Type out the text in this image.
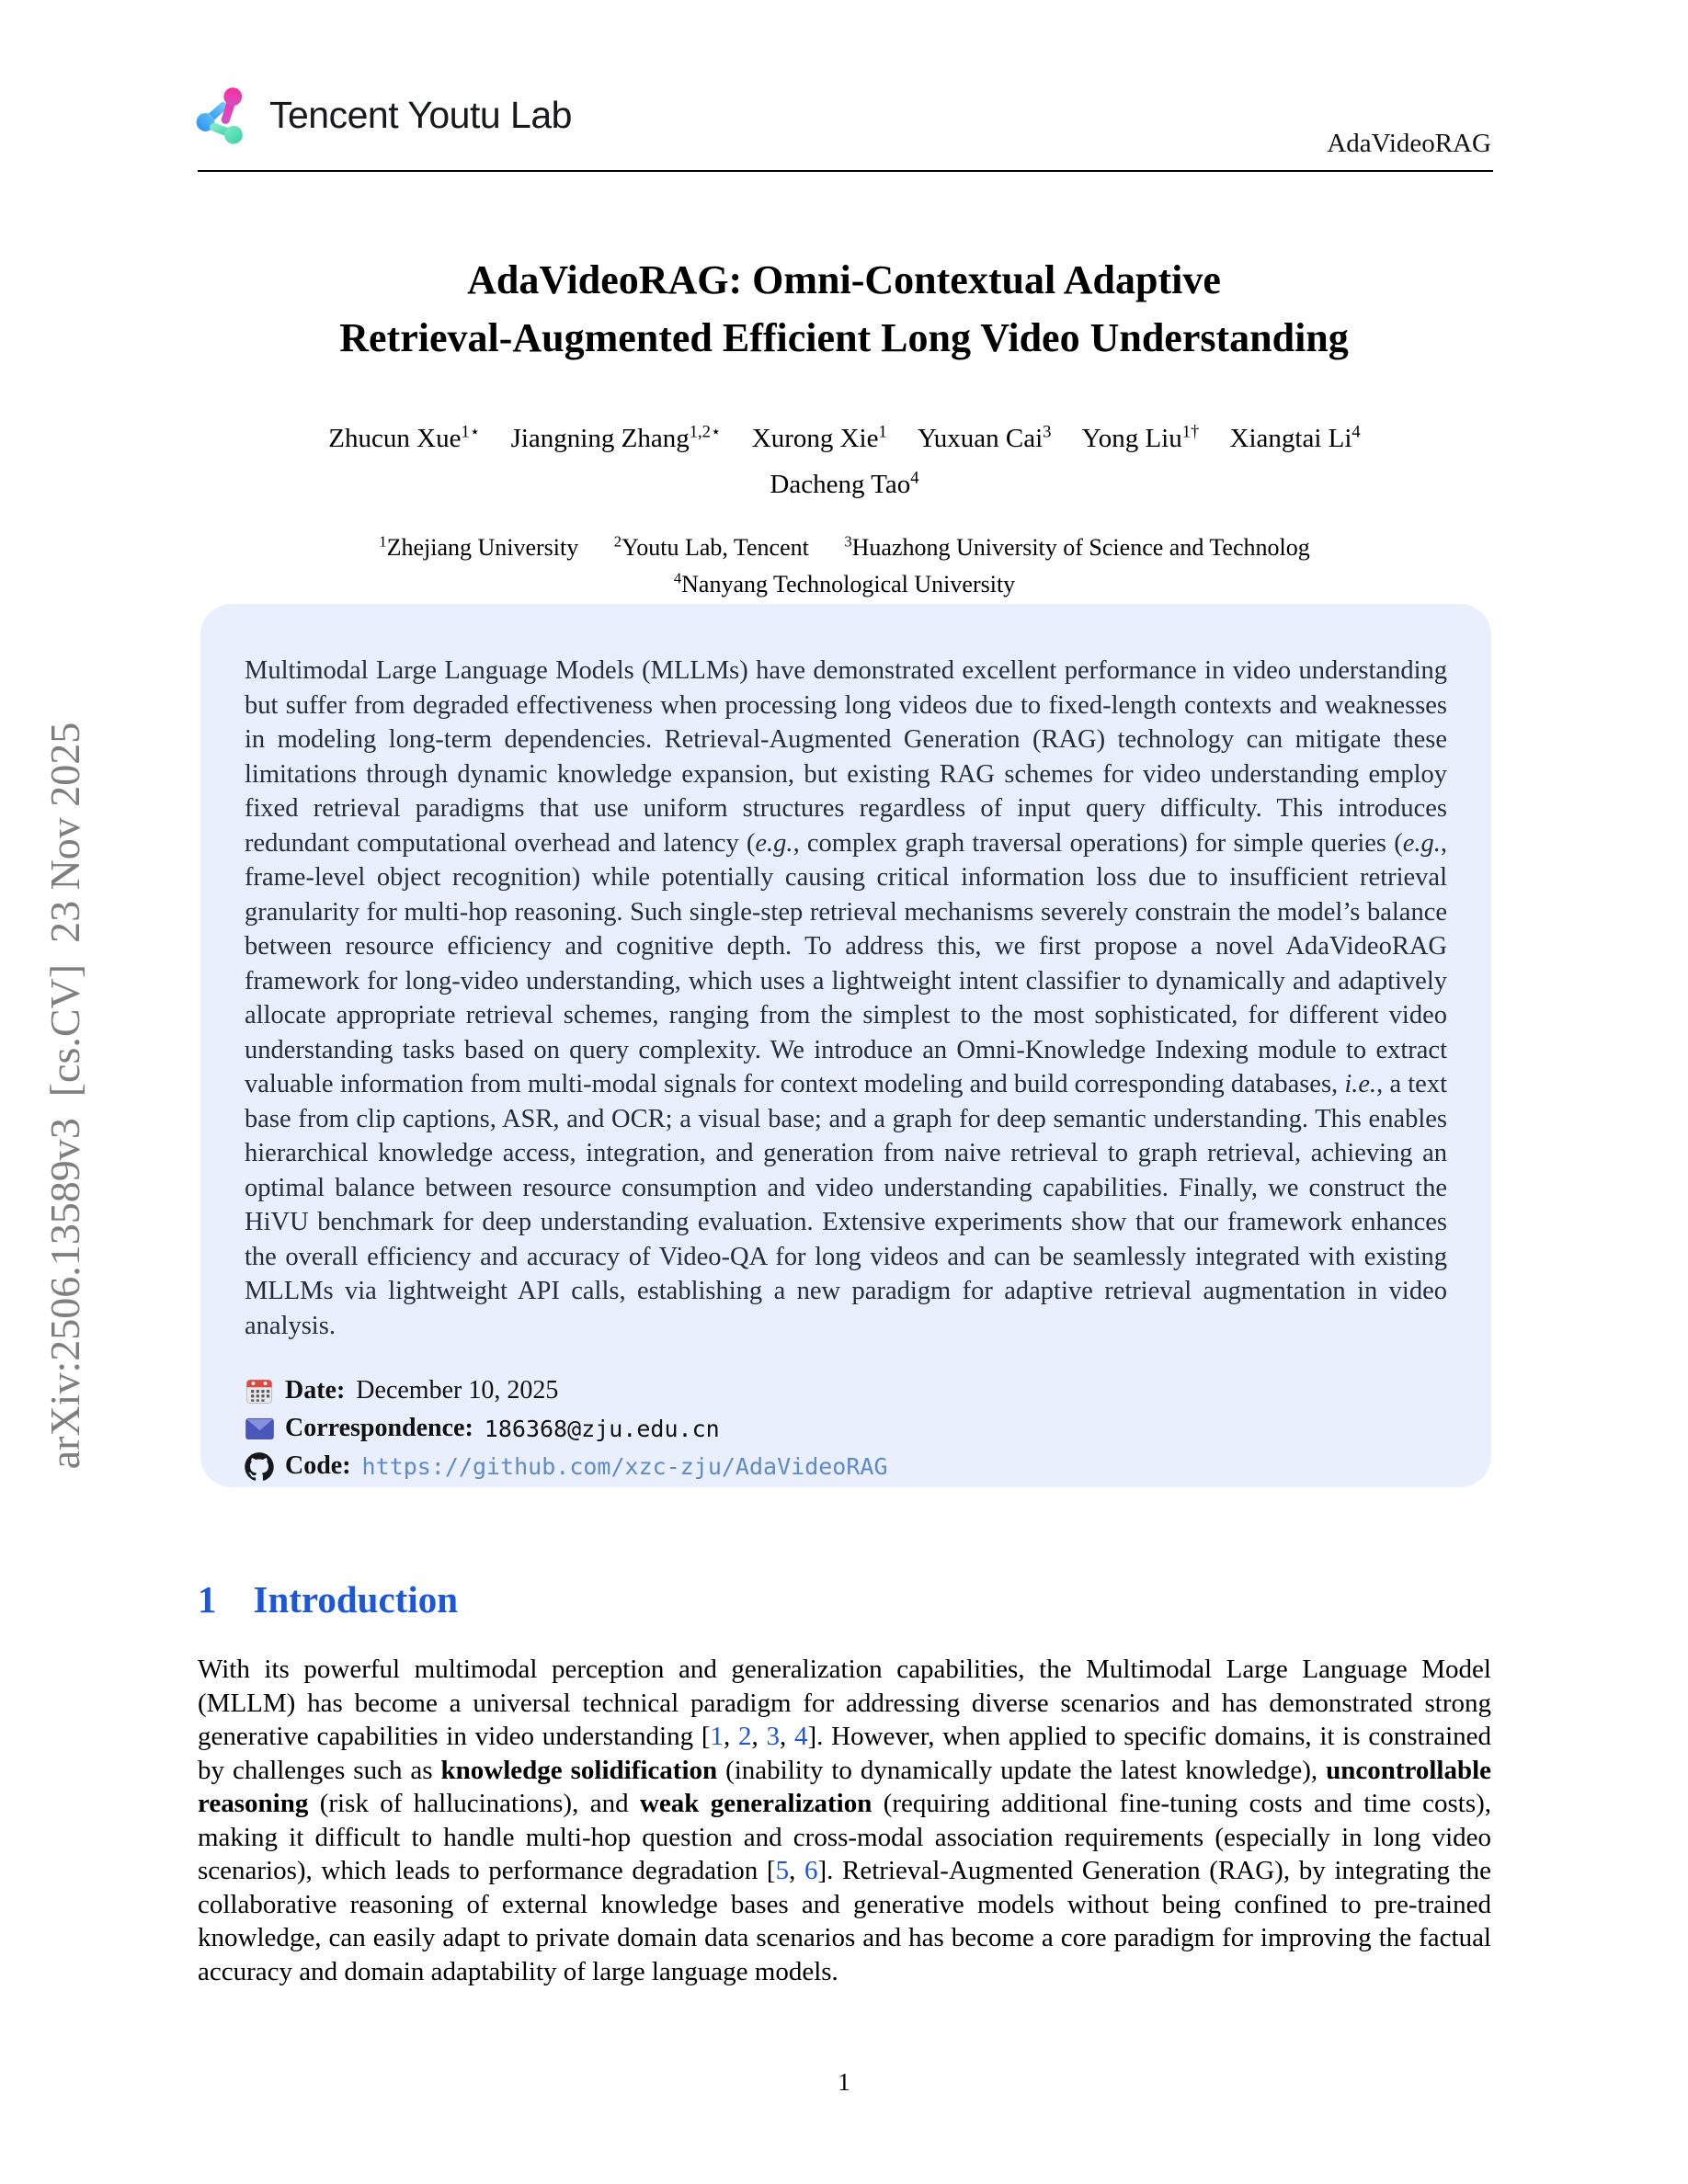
arXiv:2506.13589v3  [cs.CV]  23 Nov 2025
Tencent Youtu Lab
AdaVideoRAG
AdaVideoRAG: Omni-Contextual Adaptive
Retrieval-Augmented Efficient Long Video Understanding
Zhucun Xue$^{1⋆}$ Jiangning Zhang$^{1,2⋆}$ Xurong Xie$^1$ Yuxuan Cai$^3$ Yong Liu$^{1\dagger}$ Xiangtai Li$^4$
Dacheng Tao$^4$
$^1$Zhejiang University $^2$Youtu Lab, Tencent $^3$Huazhong University of Science and Technolog
$^4$Nanyang Technological University

Multimodal Large Language Models (MLLMs) have demonstrated excellent performance in video understanding but suffer from degraded effectiveness when processing long videos due to fixed-length contexts and weaknesses in modeling long-term dependencies. Retrieval-Augmented Generation (RAG) technology can mitigate these limitations through dynamic knowledge expansion, but existing RAG schemes for video understanding employ fixed retrieval paradigms that use uniform structures regardless of input query difficulty. This introduces redundant computational overhead and latency (e.g., complex graph traversal operations) for simple queries (e.g., frame-level object recognition) while potentially causing critical information loss due to insufficient retrieval granularity for multi-hop reasoning. Such single-step retrieval mechanisms severely constrain the model’s balance between resource efficiency and cognitive depth. To address this, we first propose a novel AdaVideoRAG framework for long-video understanding, which uses a lightweight intent classifier to dynamically and adaptively allocate appropriate retrieval schemes, ranging from the simplest to the most sophisticated, for different video understanding tasks based on query complexity. We introduce an Omni-Knowledge Indexing module to extract valuable information from multi-modal signals for context modeling and build corresponding databases, i.e., a text base from clip captions, ASR, and OCR; a visual base; and a graph for deep semantic understanding. This enables hierarchical knowledge access, integration, and generation from naive retrieval to graph retrieval, achieving an optimal balance between resource consumption and video understanding capabilities. Finally, we construct the HiVU benchmark for deep understanding evaluation. Extensive experiments show that our framework enhances the overall efficiency and accuracy of Video-QA for long videos and can be seamlessly integrated with existing MLLMs via lightweight API calls, establishing a new paradigm for adaptive retrieval augmentation in video analysis.

Date: December 10, 2025
Correspondence: 186368@zju.edu.cn
Code: https://github.com/xzc-zju/AdaVideoRAG
1 Introduction

With its powerful multimodal perception and generalization capabilities, the Multimodal Large Language Model (MLLM) has become a universal technical paradigm for addressing diverse scenarios and has demonstrated strong generative capabilities in video understanding [1, 2, 3, 4]. However, when applied to specific domains, it is constrained by challenges such as knowledge solidification (inability to dynamically update the latest knowledge), uncontrollable reasoning (risk of hallucinations), and weak generalization (requiring additional fine-tuning costs and time costs), making it difficult to handle multi-hop question and cross-modal association requirements (especially in long video scenarios), which leads to performance degradation [5, 6]. Retrieval-Augmented Generation (RAG), by integrating the collaborative reasoning of external knowledge bases and generative models without being confined to pre-trained knowledge, can easily adapt to private domain data scenarios and has become a core paradigm for improving the factual accuracy and domain adaptability of large language models.

1
